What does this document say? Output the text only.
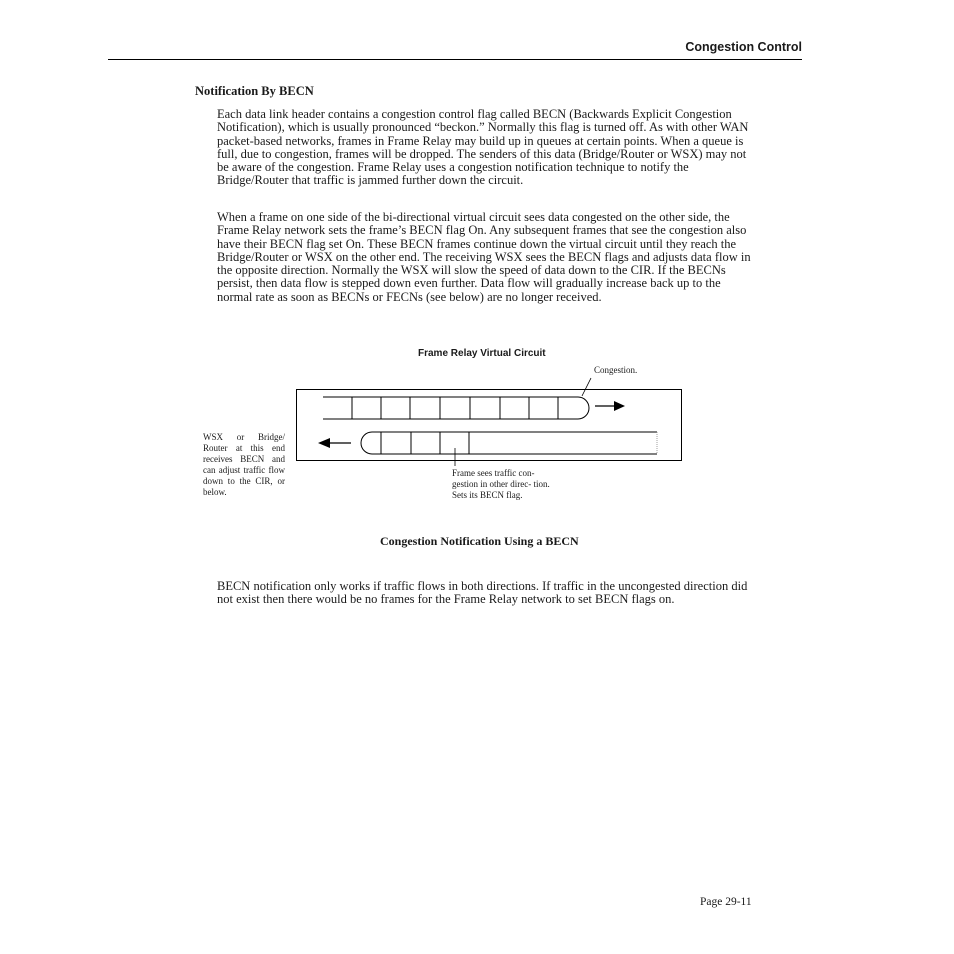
Congestion Control
Notification By BECN

Each data link header contains a congestion control flag called BECN (Backwards Explicit Congestion Notification), which is usually pronounced “beckon.” Normally this flag is turned off. As with other WAN packet-based networks, frames in Frame Relay may build up in queues at certain points. When a queue is full, due to congestion, frames will be dropped. The senders of this data (Bridge/Router or WSX) may not be aware of the congestion. Frame Relay uses a congestion notification technique to notify the Bridge/Router that traffic is jammed further down the circuit.

When a frame on one side of the bi-directional virtual circuit sees data congested on the other side, the Frame Relay network sets the frame’s BECN flag On. Any subsequent frames that see the congestion also have their BECN flag set On. These BECN frames continue down the virtual circuit until they reach the Bridge/Router or WSX on the other end. The receiving WSX sees the BECN flags and adjusts data flow in the opposite direction. Normally the WSX will slow the speed of data down to the CIR. If the BECNs persist, then data flow is stepped down even further. Data flow will gradually increase back up to the normal rate as soon as BECNs or FECNs (see below) are no longer received.

Frame Relay Virtual Circuit
Congestion.
WSX or Bridge/ Router at this end receives BECN and can adjust traffic flow down to the CIR, or below.
Frame sees traffic con- gestion in other direc- tion. Sets its BECN flag.
Congestion Notification Using a BECN

BECN notification only works if traffic flows in both directions. If traffic in the uncongested direction did not exist then there would be no frames for the Frame Relay network to set BECN flags on.

Page 29-11
